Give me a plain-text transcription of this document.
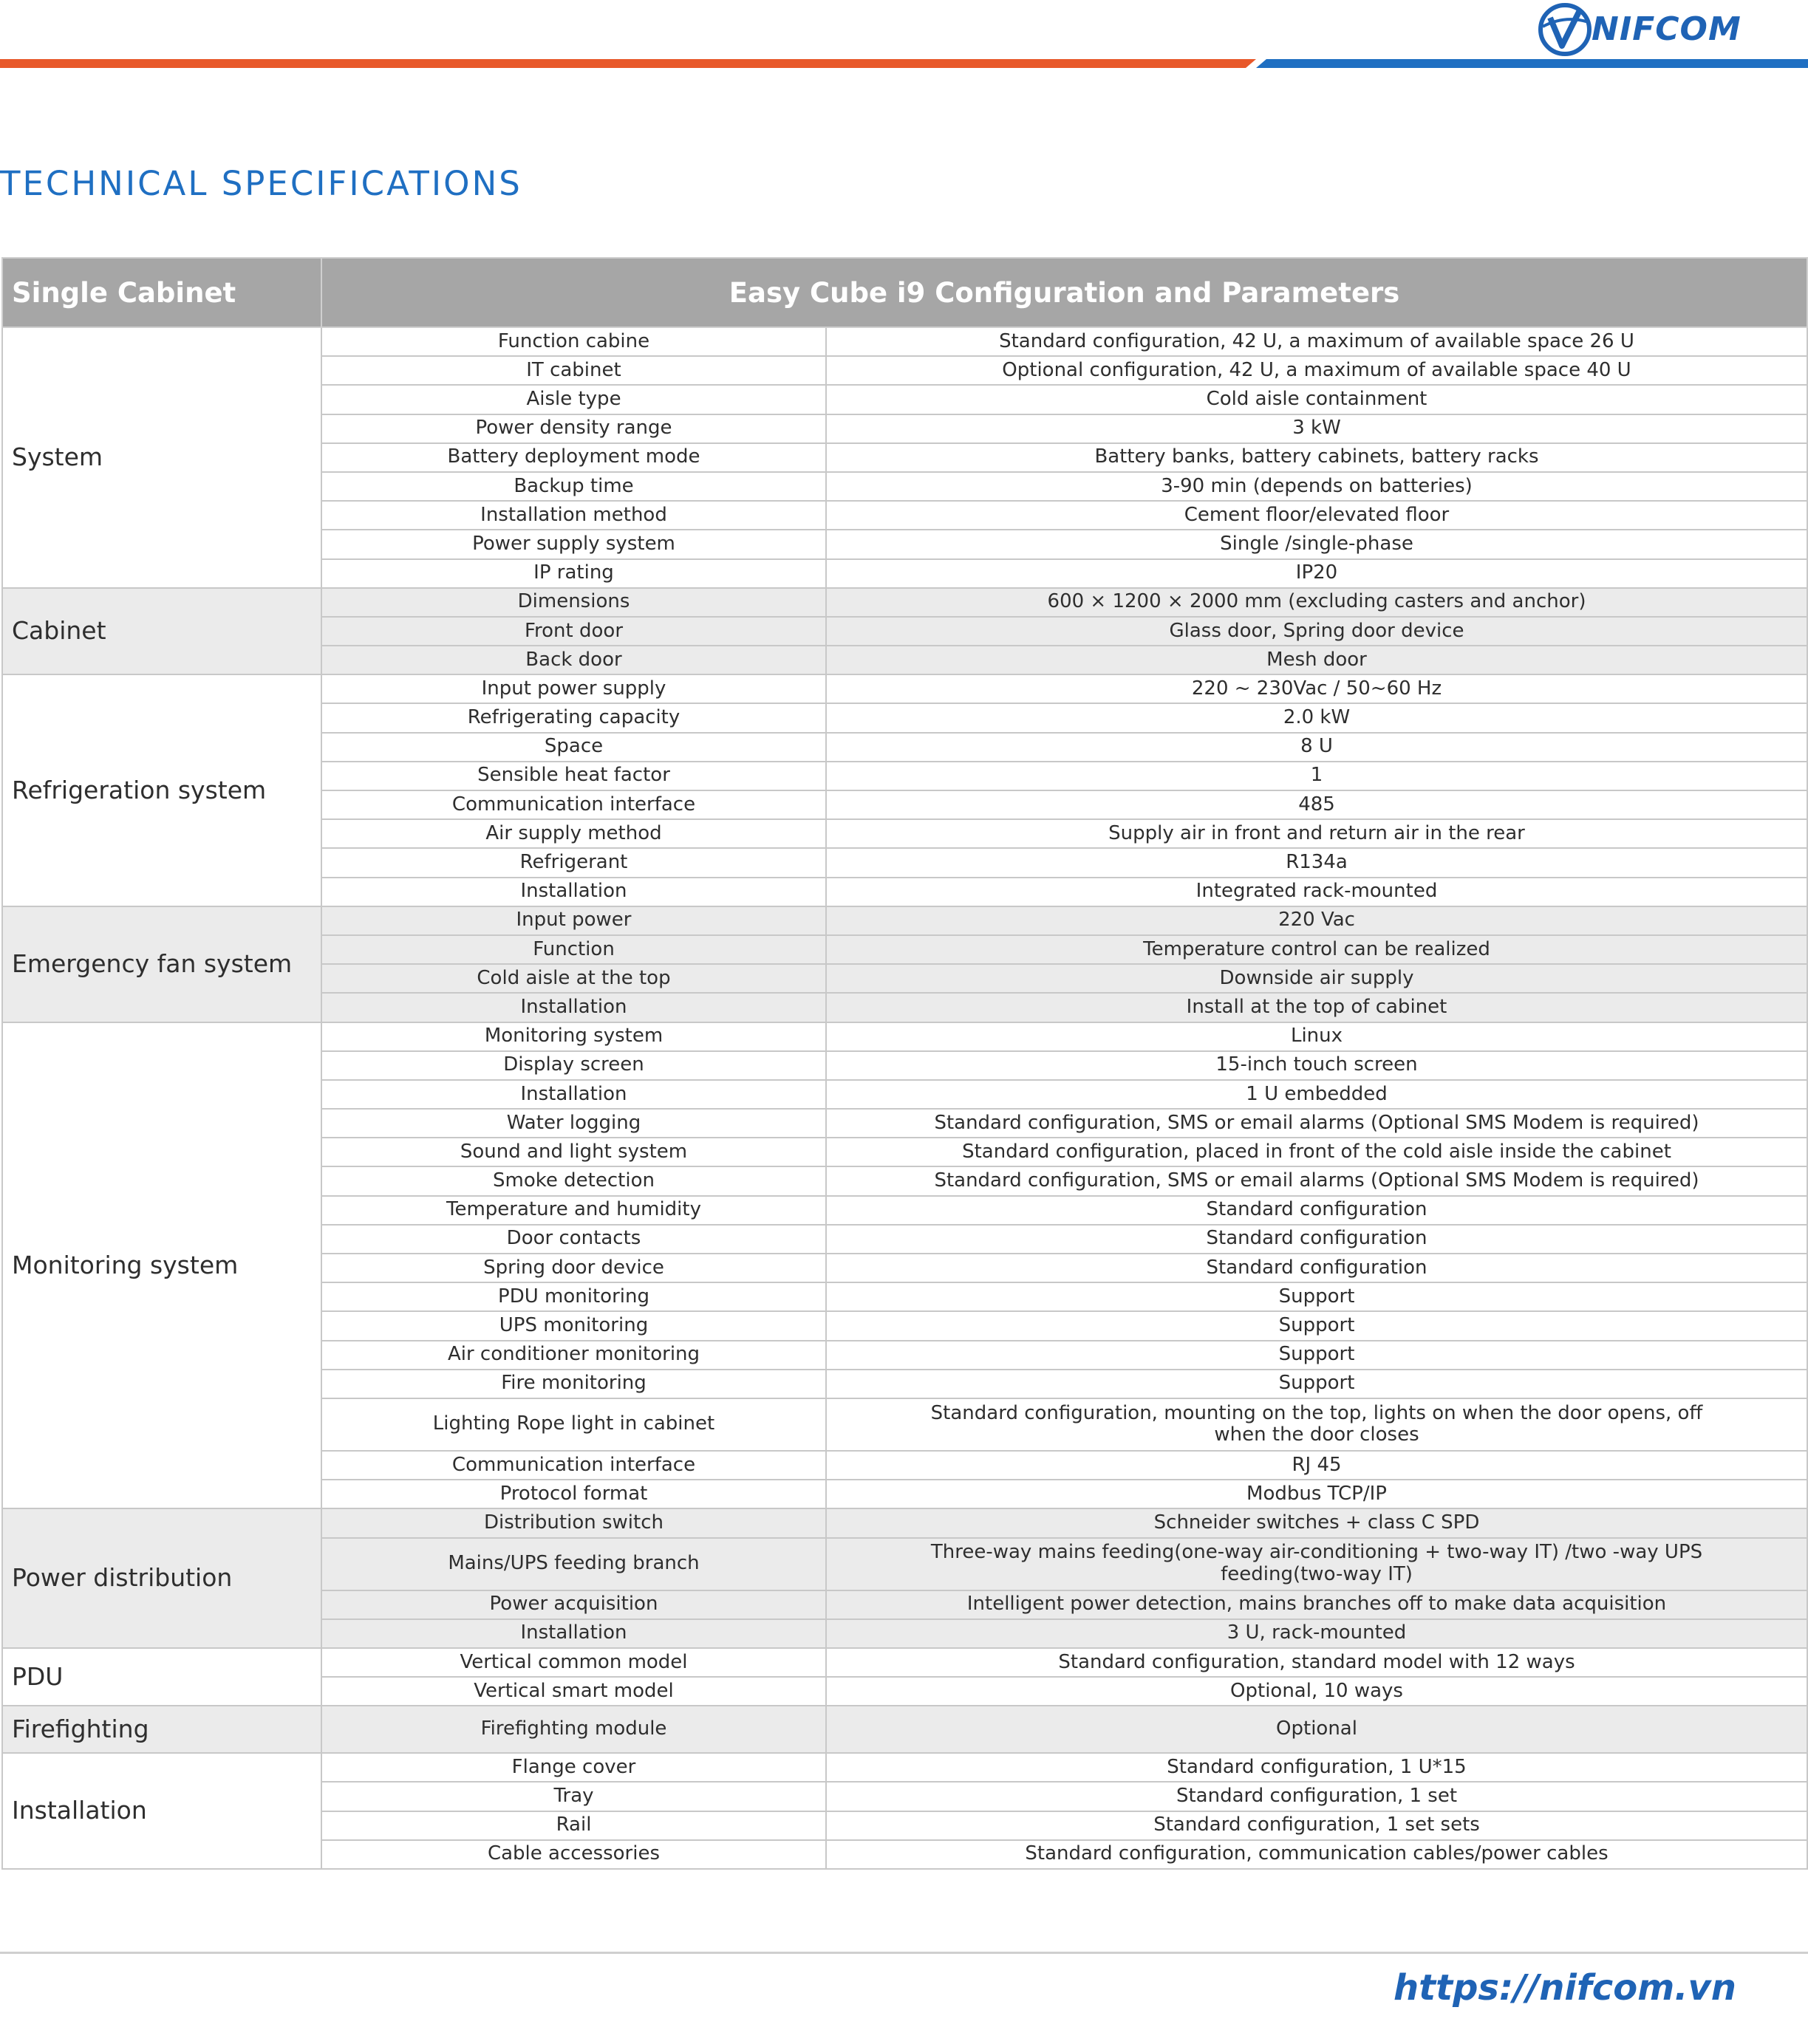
NIFCOM
TECHNICAL SPECIFICATIONS
Single Cabinet	Easy Cube i9 Configuration and Parameters	
System	Function cabine	Standard configuration, 42 U, a maximum of available space 26 U
	IT cabinet	Optional configuration, 42 U, a maximum of available space 40 U
	Aisle type	Cold aisle containment
	Power density range	3 kW
	Battery deployment mode	Battery banks, battery cabinets, battery racks
	Backup time	3-90 min (depends on batteries)
	Installation method	Cement floor/elevated floor
	Power supply system	Single /single-phase
	IP rating	IP20
Cabinet	Dimensions	600 × 1200 × 2000 mm (excluding casters and anchor)
	Front door	Glass door, Spring door device
	Back door	Mesh door
Refrigeration system	Input power supply	220 ~ 230Vac / 50~60 Hz
	Refrigerating capacity	2.0 kW
	Space	8 U
	Sensible heat factor	1
	Communication interface	485
	Air supply method	Supply air in front and return air in the rear
	Refrigerant	R134a
	Installation	Integrated rack-mounted
Emergency fan system	Input power	220 Vac
	Function	Temperature control can be realized
	Cold aisle at the top	Downside air supply
	Installation	Install at the top of cabinet
Monitoring system	Monitoring system	Linux
	Display screen	15-inch touch screen
	Installation	1 U embedded
	Water logging	Standard configuration, SMS or email alarms (Optional SMS Modem is required)
	Sound and light system	Standard configuration, placed in front of the cold aisle inside the cabinet
	Smoke detection	Standard configuration, SMS or email alarms (Optional SMS Modem is required)
	Temperature and humidity	Standard configuration
	Door contacts	Standard configuration
	Spring door device	Standard configuration
	PDU monitoring	Support
	UPS monitoring	Support
	Air conditioner monitoring	Support
	Fire monitoring	Support
	Lighting Rope light in cabinet	Standard configuration, mounting on the top, lights on when the door opens, off when the door closes
	Communication interface	RJ 45
	Protocol format	Modbus TCP/IP
Power distribution	Distribution switch	Schneider switches + class C SPD
	Mains/UPS feeding branch	Three-way mains feeding(one-way air-conditioning + two-way IT) /two -way UPS feeding(two-way IT)
	Power acquisition	Intelligent power detection, mains branches off to make data acquisition
	Installation	3 U, rack-mounted
PDU	Vertical common model	Standard configuration, standard model with 12 ways
	Vertical smart model	Optional, 10 ways
Firefighting	Firefighting module	Optional
Installation	Flange cover	Standard configuration, 1 U*15
	Tray	Standard configuration, 1 set
	Rail	Standard configuration, 1 set sets
	Cable accessories	Standard configuration, communication cables/power cables
https://nifcom.vn
